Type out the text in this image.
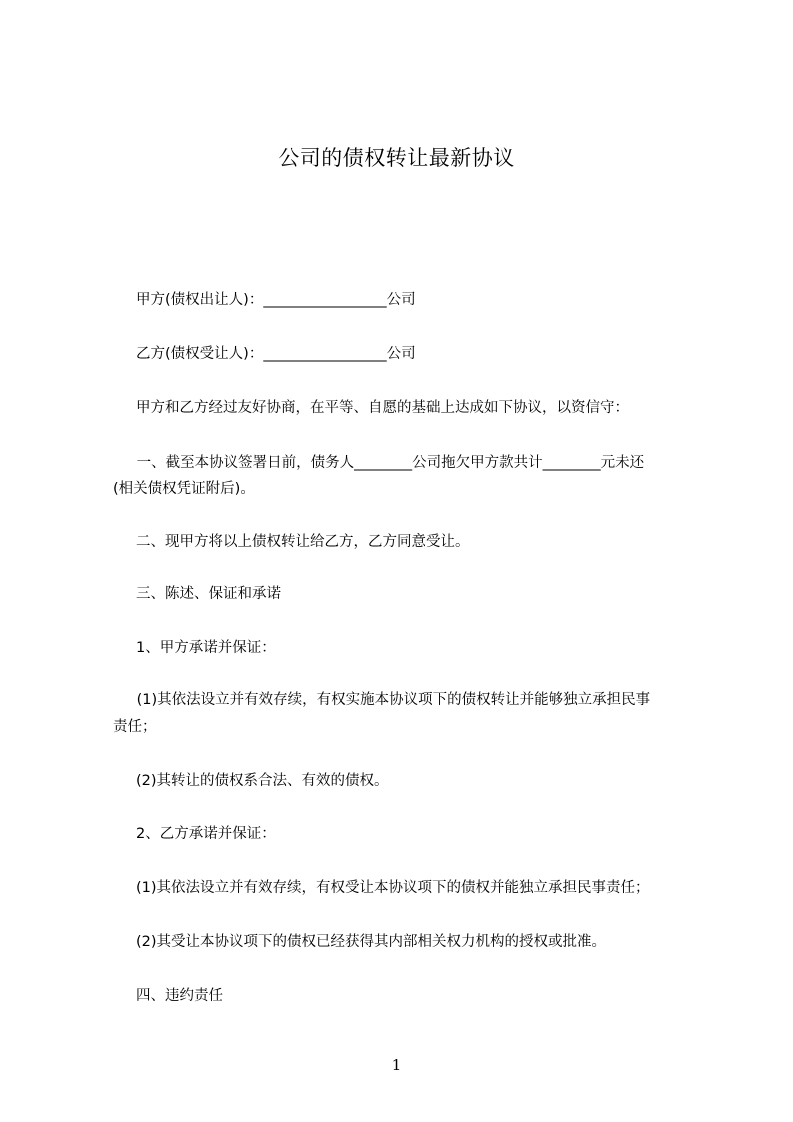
公司的债权转让最新协议
甲方(债权出让人)：_________________公司
乙方(债权受让人)：_________________公司
甲方和乙方经过友好协商，在平等、自愿的基础上达成如下协议，以资信守：
一、截至本协议签署日前，债务人________公司拖欠甲方款共计________元未还
(相关债权凭证附后)。
二、现甲方将以上债权转让给乙方，乙方同意受让。
三、陈述、保证和承诺
1、甲方承诺并保证：
(1)其依法设立并有效存续，有权实施本协议项下的债权转让并能够独立承担民事
责任；
(2)其转让的债权系合法、有效的债权。
2、乙方承诺并保证：
(1)其依法设立并有效存续，有权受让本协议项下的债权并能独立承担民事责任；
(2)其受让本协议项下的债权已经获得其内部相关权力机构的授权或批准。
四、违约责任
1
